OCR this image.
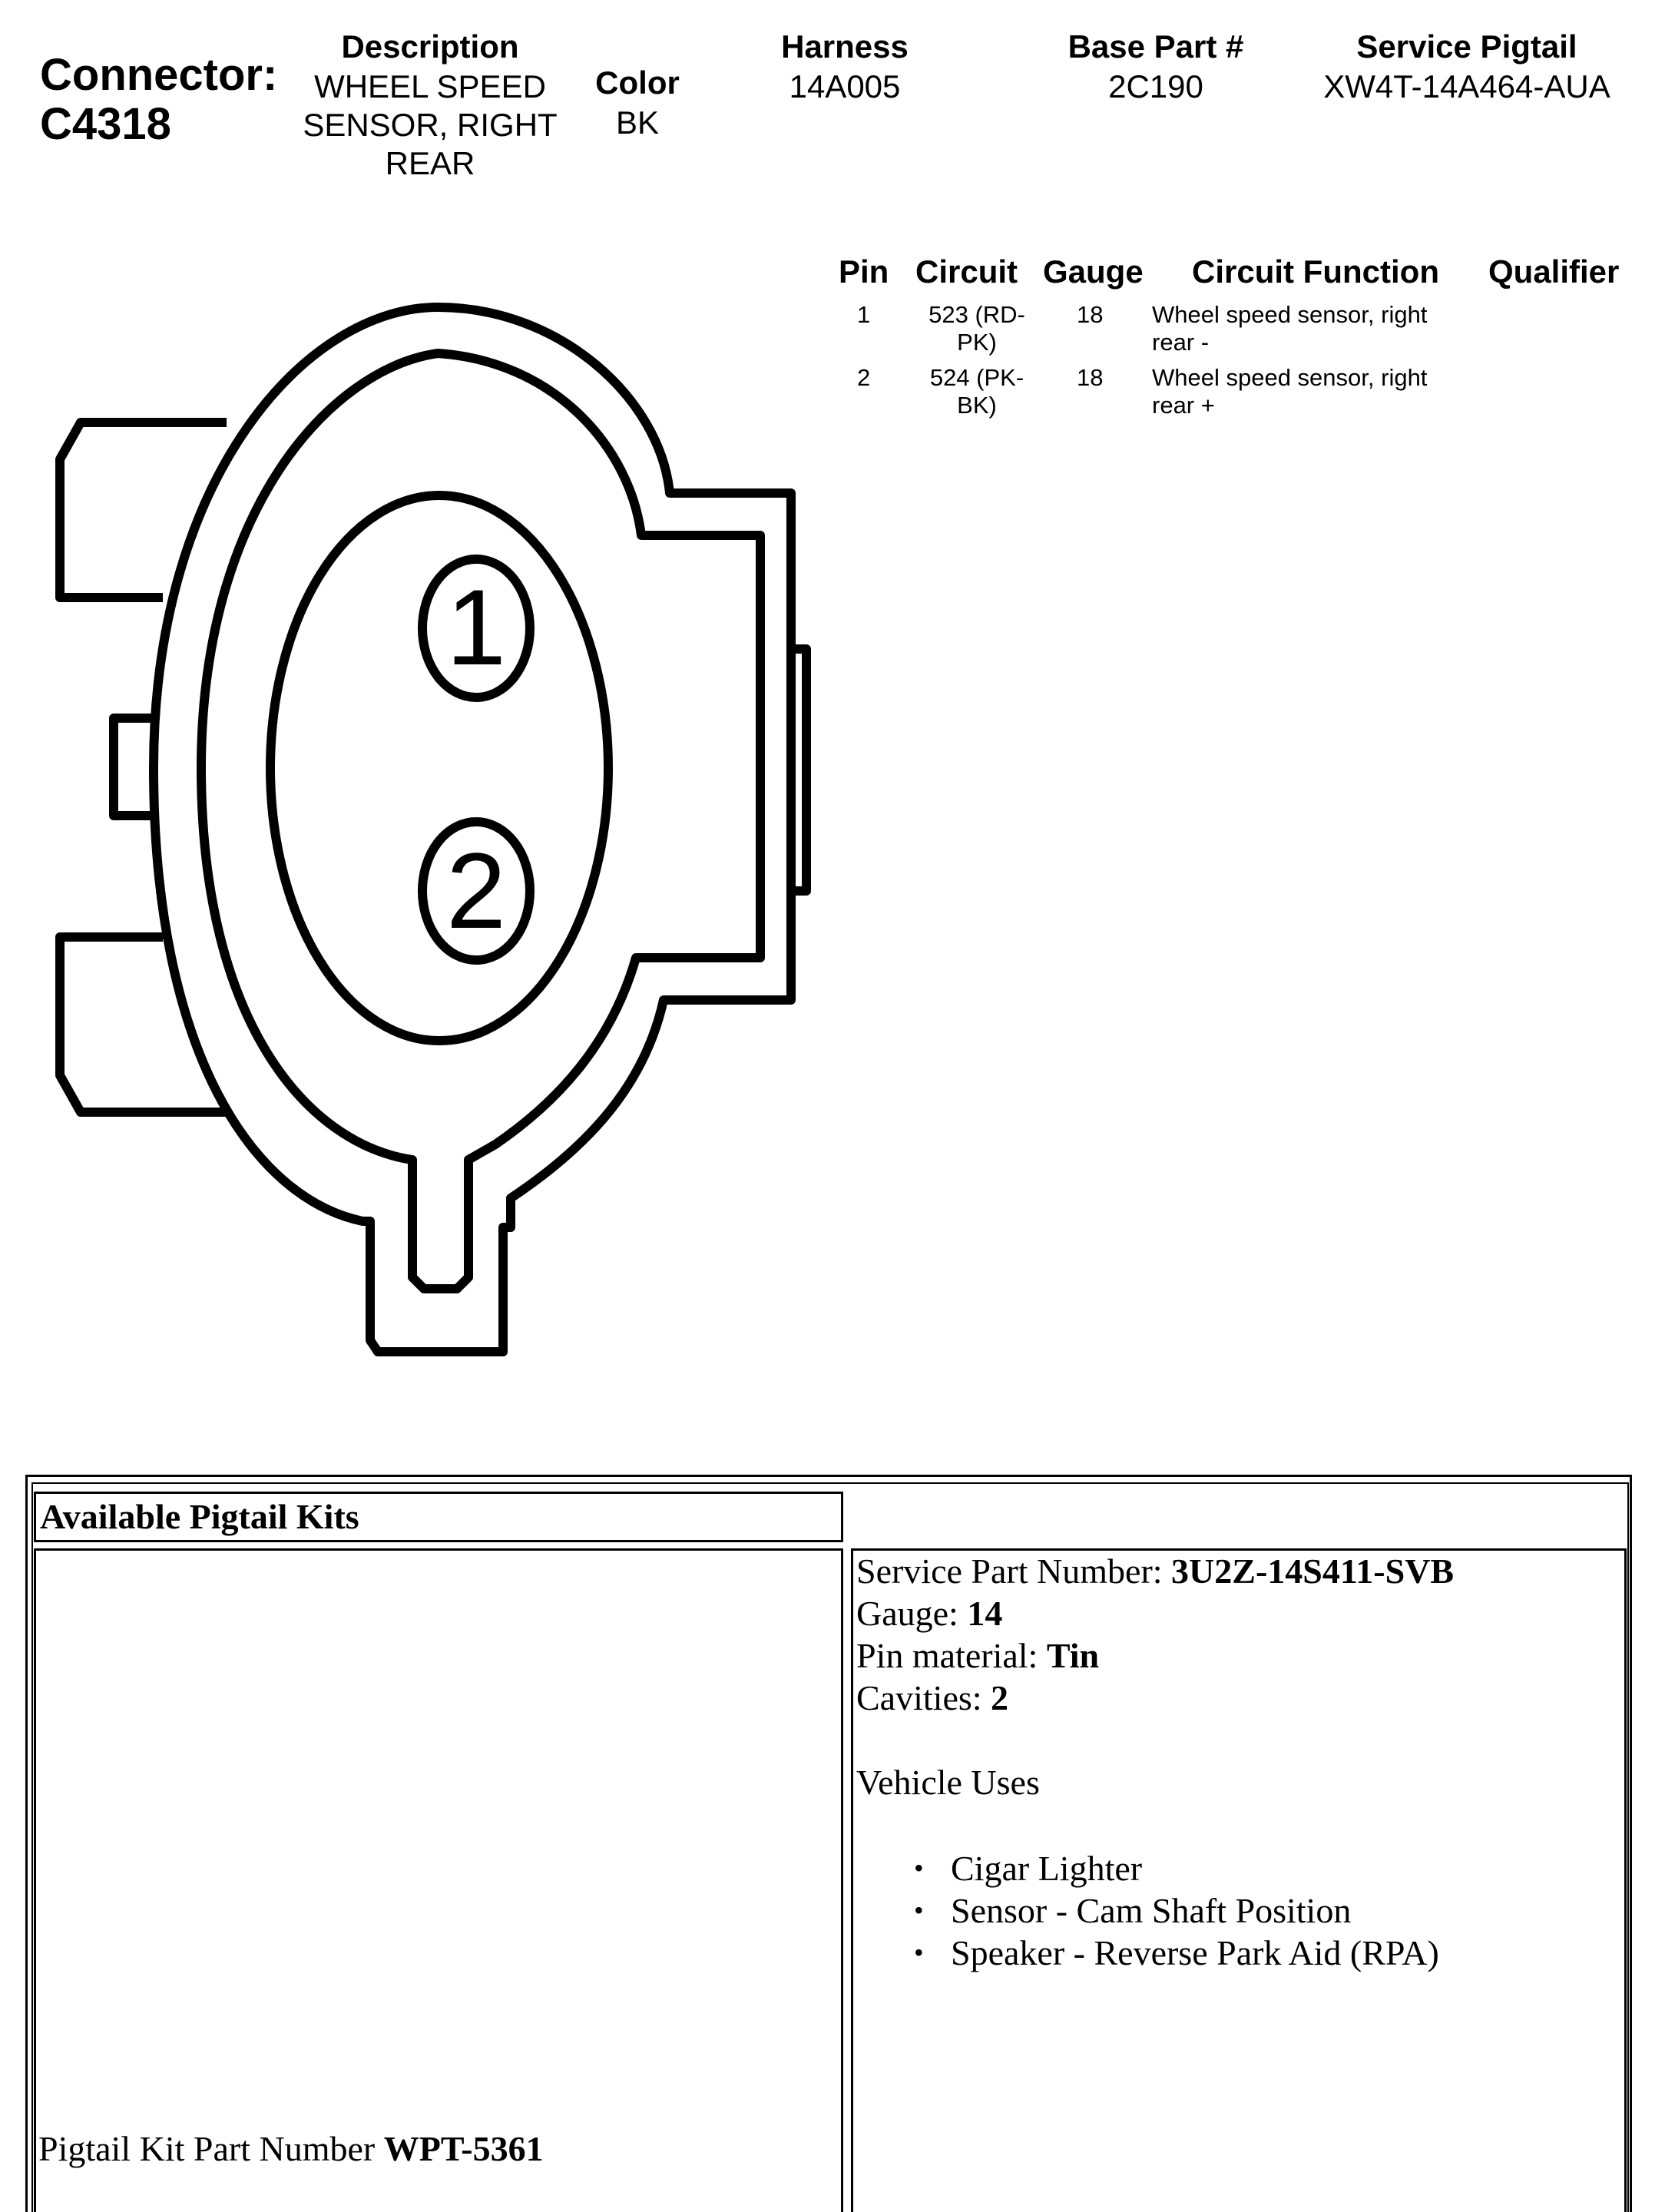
Connector:
C4318
Description
WHEEL SPEED
SENSOR, RIGHT
REAR
Color
BK
Harness
14A005
Base Part #
2C190
Service Pigtail
XW4T-14A464-AUA
Pin Circuit Gauge Circuit Function Qualifier
1	523 (RD-
PK)
18 Wheel speed sensor, right
rear -
2	524 (PK-
BK)
18 Wheel speed sensor, right
rear +
1
2
Available Pigtail Kits
Service Part Number: 3U2Z-14S411-SVB
Gauge: 14
Pin material: Tin
Cavities: 2
Vehicle Uses
• Cigar Lighter
• Sensor - Cam Shaft Position
• Speaker - Reverse Park Aid (RPA)
Pigtail Kit Part Number WPT-5361
